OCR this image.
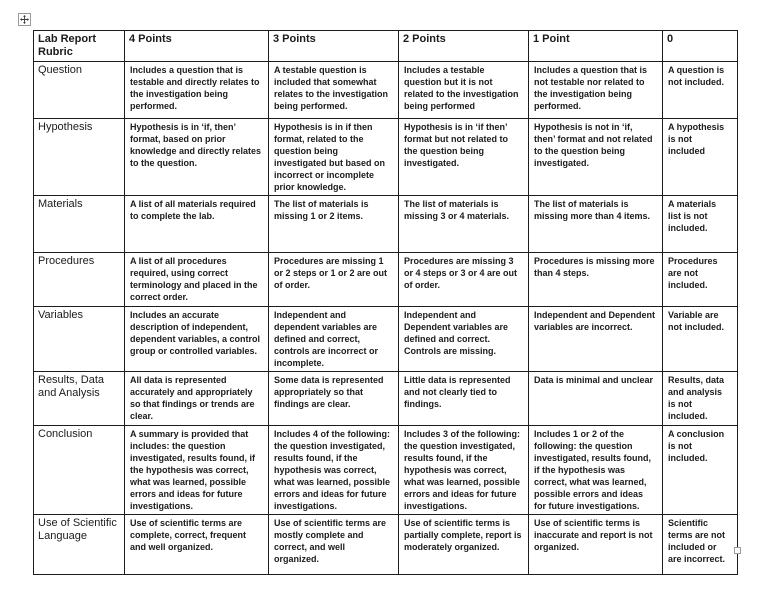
Lab Report Rubric	4 Points	3 Points	2 Points	1 Point	0
Question	Includes a question that is testable and directly relates to the investigation being performed.	A testable question is included that somewhat relates to the investigation being performed.	Includes a testable question but it is not related to the investigation being performed	Includes a question that is not testable nor related to the investigation being performed.	A question is not included.
Hypothesis	Hypothesis is in ‘if, then’ format, based on prior knowledge and directly relates to the question.	Hypothesis is in if then format, related to the question being investigated but based on incorrect or incomplete prior knowledge.	Hypothesis is in ‘if then’ format but not related to the question being investigated.	Hypothesis is not in ‘if, then’ format and not related to the question being investigated.	A hypothesis is not included
Materials	A list of all materials required to complete the lab.	The list of materials is missing 1 or 2 items.	The list of materials is missing 3 or 4 materials.	The list of materials is missing more than 4 items.	A materials list is not included.
Procedures	A list of all procedures required, using correct terminology and placed in the correct order.	Procedures are missing 1 or 2 steps or 1 or 2 are out of order.	Procedures are missing 3 or 4 steps or 3 or 4 are out of order.	Procedures is missing more than 4 steps.	Procedures are not included.
Variables	Includes an accurate description of independent, dependent variables, a control group or controlled variables.	Independent and dependent variables are defined and correct, controls are incorrect or incomplete.	Independent and Dependent variables are defined and correct. Controls are missing.	Independent and Dependent variables are incorrect.	Variable are not included.
Results, Data and Analysis	All data is represented accurately and appropriately so that findings or trends are clear.	Some data is represented appropriately so that findings are clear.	Little data is represented and not clearly tied to findings.	Data is minimal and unclear	Results, data and analysis is not included.
Conclusion	A summary is provided that includes: the question investigated, results found, if the hypothesis was correct, what was learned, possible errors and ideas for future investigations.	Includes 4 of the following: the question investigated, results found, if the hypothesis was correct, what was learned, possible errors and ideas for future investigations.	Includes 3 of the following: the question investigated, results found, if the hypothesis was correct, what was learned, possible errors and ideas for future investigations.	Includes 1 or 2 of the following: the question investigated, results found, if the hypothesis was correct, what was learned, possible errors and ideas for future investigations.	A conclusion is not included.
Use of Scientific Language	Use of scientific terms are complete, correct, frequent and well organized.	Use of scientific terms are mostly complete and correct, and well organized.	Use of scientific terms is partially complete, report is moderately organized.	Use of scientific terms is inaccurate and report is not organized.	Scientific terms are not included or are incorrect.
